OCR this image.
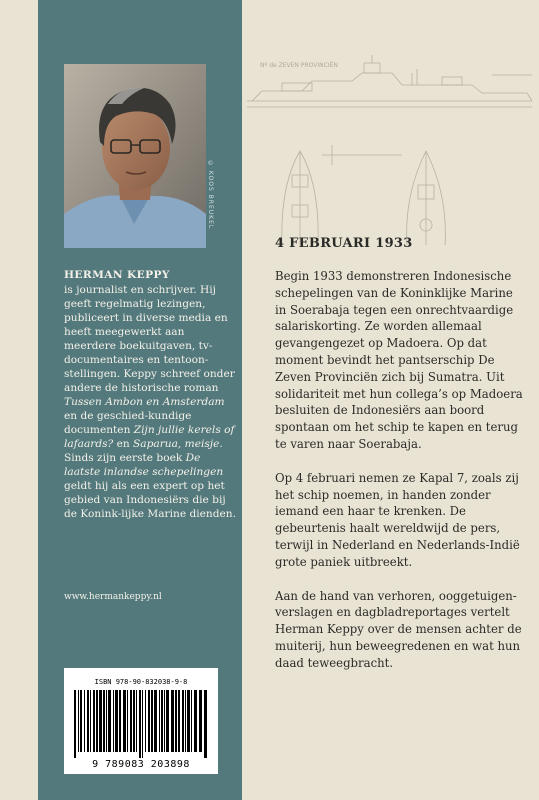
© KOOS BREUKEL
HERMAN KEPPY
is journalist en schrijver. Hij geeft regelmatig lezingen, publiceert in diverse media en heeft meegewerkt aan meerdere boekuitgaven, tv-documentaires en tentoon-stellingen. Keppy schreef onder andere de historische roman Tussen Ambon en Amsterdam en de geschied-kundige documenten Zijn jullie kerels of lafaards? en Saparua, meisje. Sinds zijn eerste boek De laatste inlandse schepelingen geldt hij als een expert op het gebied van Indonesiërs die bij de Konink-lijke Marine dienden.
www.hermankeppy.nl
ISBN 978-90-832038-9-8
9 789083 203898
Nº de ZEVEN PROVINCIËN
4 FEBRUARI 1933

Begin 1933 demonstreren Indonesische schepelingen van de Koninklijke Marine in Soerabaja tegen een onrechtvaardige salariskorting. Ze worden allemaal gevangengezet op Madoera. Op dat moment bevindt het pantserschip De Zeven Provinciën zich bij Sumatra. Uit solidariteit met hun collega’s op Madoera besluiten de Indonesiërs aan boord spontaan om het schip te kapen en terug te varen naar Soerabaja.

Op 4 februari nemen ze Kapal 7, zoals zij het schip noemen, in handen zonder iemand een haar te krenken. De gebeurtenis haalt wereldwijd de pers, terwijl in Nederland en Nederlands-Indië grote paniek uitbreekt.

Aan de hand van verhoren, ooggetuigen-verslagen en dagbladreportages vertelt Herman Keppy over de mensen achter de muiterij, hun beweegredenen en wat hun daad teweegbracht.
